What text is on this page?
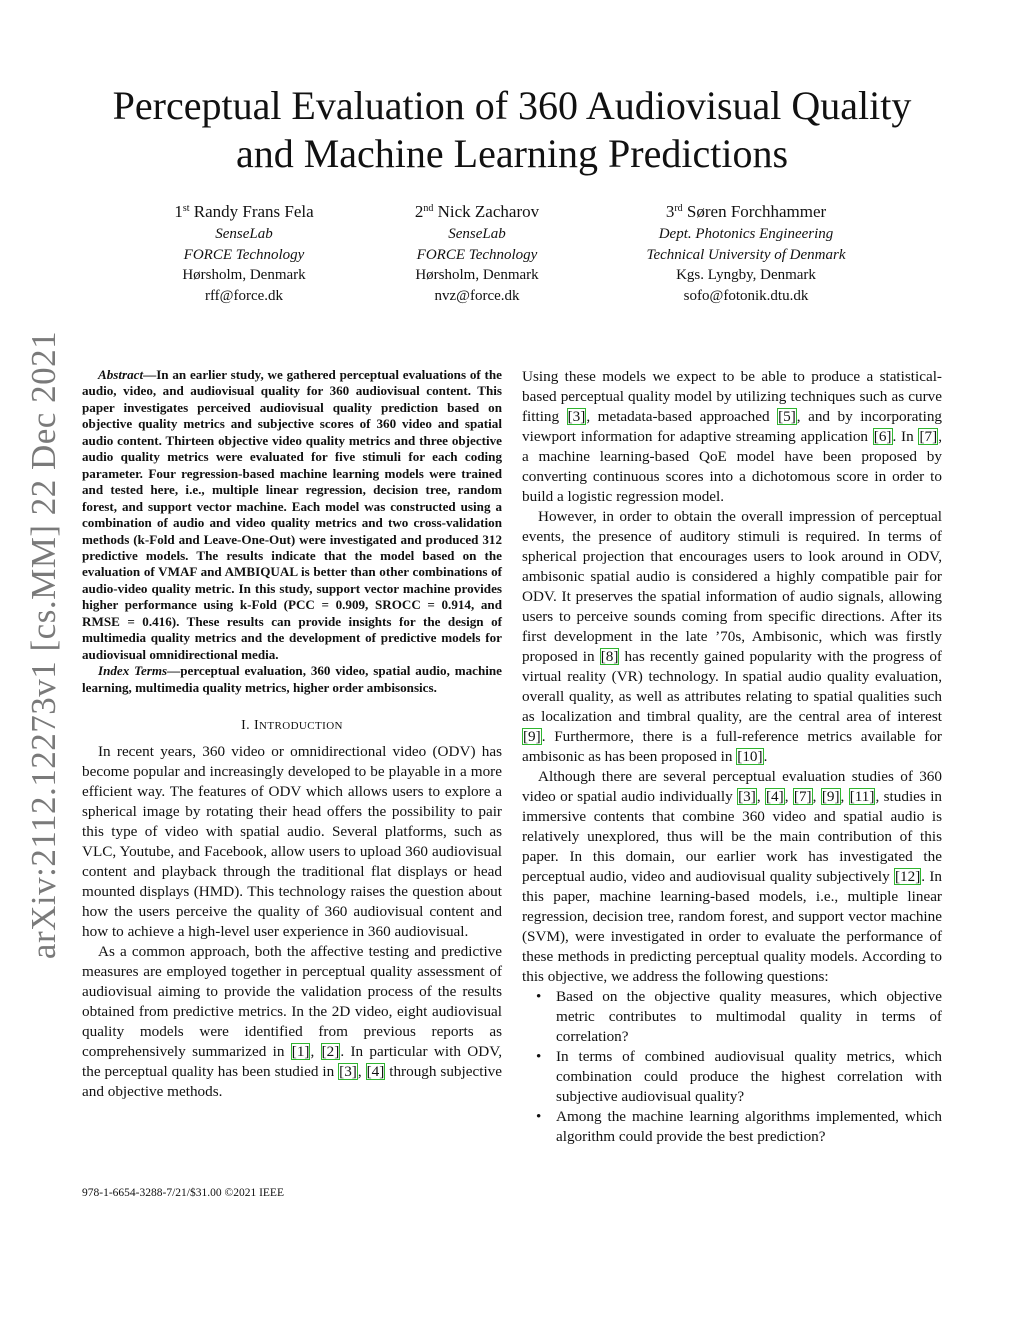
arXiv:2112.12273v1 [cs.MM] 22 Dec 2021
Perceptual Evaluation of 360 Audiovisual Quality
and Machine Learning Predictions
1st Randy Frans Fela
SenseLab
FORCE Technology
Hørsholm, Denmark
rff@force.dk
2nd Nick Zacharov
SenseLab
FORCE Technology
Hørsholm, Denmark
nvz@force.dk
3rd Søren Forchhammer
Dept. Photonics Engineering
Technical University of Denmark
Kgs. Lyngby, Denmark
sofo@fotonik.dtu.dk

Abstract—In an earlier study, we gathered perceptual evaluations of the audio, video, and audiovisual quality for 360 audiovisual content. This paper investigates perceived audiovisual quality prediction based on objective quality metrics and subjective scores of 360 video and spatial audio content. Thirteen objective video quality metrics and three objective audio quality metrics were evaluated for five stimuli for each coding parameter. Four regression-based machine learning models were trained and tested here, i.e., multiple linear regression, decision tree, random forest, and support vector machine. Each model was constructed using a combination of audio and video quality metrics and two cross-validation methods (k-Fold and Leave-One-Out) were investigated and produced 312 predictive models. The results indicate that the model based on the evaluation of VMAF and AMBIQUAL is better than other combinations of audio-video quality metric. In this study, support vector machine provides higher performance using k-Fold (PCC = 0.909, SROCC = 0.914, and RMSE = 0.416). These results can provide insights for the design of multimedia quality metrics and the development of predictive models for audiovisual omnidirectional media.

Index Terms—perceptual evaluation, 360 video, spatial audio, machine learning, multimedia quality metrics, higher order ambisonsics.

I. INTRODUCTION

In recent years, 360 video or omnidirectional video (ODV) has become popular and increasingly developed to be playable in a more efficient way. The features of ODV which allows users to explore a spherical image by rotating their head offers the possibility to pair this type of video with spatial audio. Several platforms, such as VLC, Youtube, and Facebook, allow users to upload 360 audiovisual content and playback through the traditional flat displays or head mounted displays (HMD). This technology raises the question about how the users perceive the quality of 360 audiovisual content and how to achieve a high-level user experience in 360 audiovisual.

As a common approach, both the affective testing and predictive measures are employed together in perceptual quality assessment of audiovisual aiming to provide the validation process of the results obtained from predictive metrics. In the 2D video, eight audiovisual quality models were identified from previous reports as comprehensively summarized in [1], [2]. In particular with ODV, the perceptual quality has been studied in [3], [4] through subjective and objective methods.

Using these models we expect to be able to produce a statistical-based perceptual quality model by utilizing techniques such as curve fitting [3], metadata-based approached [5], and by incorporating viewport information for adaptive streaming application [6]. In [7], a machine learning-based QoE model have been proposed by converting continuous scores into a dichotomous score in order to build a logistic regression model.

However, in order to obtain the overall impression of perceptual events, the presence of auditory stimuli is required. In terms of spherical projection that encourages users to look around in ODV, ambisonic spatial audio is considered a highly compatible pair for ODV. It preserves the spatial information of audio signals, allowing users to perceive sounds coming from specific directions. After its first development in the late ’70s, Ambisonic, which was firstly proposed in [8] has recently gained popularity with the progress of virtual reality (VR) technology. In spatial audio quality evaluation, overall quality, as well as attributes relating to spatial qualities such as localization and timbral quality, are the central area of interest [9]. Furthermore, there is a full-reference metrics available for ambisonic as has been proposed in [10].

Although there are several perceptual evaluation studies of 360 video or spatial audio individually [3], [4], [7], [9], [11], studies in immersive contents that combine 360 video and spatial audio is relatively unexplored, thus will be the main contribution of this paper. In this domain, our earlier work has investigated the perceptual audio, video and audiovisual quality subjectively [12]. In this paper, machine learning-based models, i.e., multiple linear regression, decision tree, random forest, and support vector machine (SVM), were investigated in order to evaluate the performance of these methods in predicting perceptual quality models. According to this objective, we address the following questions:

• Based on the objective quality measures, which objective metric contributes to multimodal quality in terms of correlation?
• In terms of combined audiovisual quality metrics, which combination could produce the highest correlation with subjective audiovisual quality?
• Among the machine learning algorithms implemented, which algorithm could provide the best prediction?
978-1-6654-3288-7/21/$31.00 ©2021 IEEE
